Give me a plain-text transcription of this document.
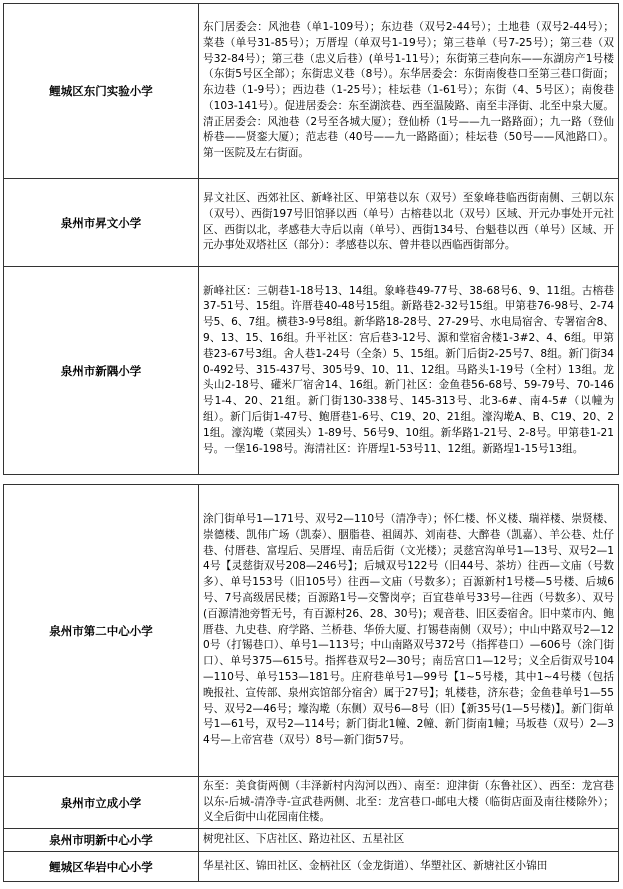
鲤城区东门实验小学	东门居委会：风池巷（单1-109号）；东边巷（双号2-44号）；土地巷（双号2-44号）；菜巷（单号31-85号）；万厝埕（单双号1-19号）；第三巷单（号7-25号）；第三巷（双号32-84号）；第三巷（忠义后巷）(单号1-11号）；东街第三巷向东——东湖房产1号楼（东街5号区全部）；东街忠义巷（8号）。东华居委会：东街南俊巷口至第三巷口街面；东边巷（1-9号）；西边巷（1-25号）；桂坛巷（1-61号）；东街（4、5号区）；南俊巷（103-141号）。促进居委会：东至湖滨巷、西至温陵路、南至丰泽街、北至中泉大厦。清正居委会：风池巷（2号至各城大厦）；登仙桥（1号——九一路路面）；九一路（登仙桥巷——贤銮大厦）；范志巷（40号——九一路路面）；桂坛巷（50号——风池路口）。第一医院及左右街面。
泉州市昇文小学	昇文社区、西郊社区、新峰社区、甲第巷以东（双号）至象峰巷临西街南侧、三朝以东（双号）、西街197号旧馆驿以西（单号）古榕巷以北（双号）区域、开元办事处开元社区、西街以北，孝感巷大寺后以南（单号）、西街134号、台魁巷以西（单号）区域、开元办事处双塔社区（部分）：孝感巷以东、曾井巷以西临西街部分。
泉州市新隅小学	新峰社区：三朝巷1-18号13、14组。象峰巷49-77号、38-68号6、9、11组。古榕巷37-51号、15组。许厝巷40-48号15组。新路巷2-32号15组。甲第巷76-98号、2-74号5、6、7组。横巷3-9号8组。新华路18-28号、27-29号、水电局宿舍、专署宿舍8、9、13、15、16组。升平社区：宫后巷3-12号、源和堂宿舍楼1-3#2、4、6组。甲第巷23-67号3组。舍人巷1-24号（全条）5、15组。新门后街2-25号7、8组。新门街340-492号、315-437号、305号9、10、11、12组。马路头1-19号（全村）13组。龙头山2-18号、礶米厂宿舍14、16组。新门社区：金鱼巷56-68号、59-79号、70-146号1-4、20、21组。新门街130-338号、145-313号、北3-6#、南4-5#（以幢为组）。新门后街1-47号、鲍厝巷1-6号、C19、20、21组。濠沟墘A、B、C19、20、21组。濠沟墘（菜园头）1-89号、56号9、10组。新华路1-21号、2-8号。甲第巷1-21号。一堡16-198号。海清社区：许厝埕1-53号11、12组。新路埕1-15号13组。

泉州市第二中心小学	涂门街单号1—171号、双号2—110号（清净寺）；怀仁楼、怀义楼、瑞祥楼、崇贤楼、崇德楼、凯伟广场（凯泰）、胭脂巷、祖阔苏、刘南巷、大醉巷（凯嘉）、羊公巷、灶仔巷、付厝巷、富埕后、吴厝埕、南岳后街（文光楼）；灵慈宫沟单号1—13号、双号2—14号【灵慈街双号208—246号】；后城双号122号（旧44号、茶坊）往西—文庙（号数多）、单号153号（旧105号）往西—文庙（号数多）；百源新村1号楼—5号楼、后城6号、7号高级居民楼；百源路1号—交警岗亭；百宜巷单号33号—往西（号数多）、双号(百源清池旁暂无号，有百源村26、28、30号)；观音巷、旧区委宿舍。旧中菜市内、鲍厝巷、九史巷、府学路、兰桥巷、华侨大厦、打锡巷南侧（双号）；中山中路双号2—120号（打锡巷口）、单号1—113号；中山南路双号372号（指挥巷口）—606号（涂门街口）、单号375—615号。指挥巷双号2—30号；南岳宫口1—12号；义全后街双号104—110号、单号153—181号。庄府巷单号1—99号【1~5号楼，其中1~4号楼（包括晚报社、宣传部、泉州宾馆部分宿舍）属于27号】；轧楼巷，济东巷；金鱼巷单号1—55号、双号2—46号；壕沟墘（东侧）双号6—8号（旧）【新35号(1—5号楼)】。新门街单号1—61号，双号2—114号；新门街北1幢、2幢、新门街南1幢；马坂巷（双号）2—34号—上帝宫巷（双号）8号—新门街57号。
泉州市立成小学	东至：美食街两侧（丰泽新村内沟河以西）、南至：迎津街（东鲁社区）、西至：龙宫巷以东-后城-清净寺-宣武巷两侧、北至：龙宫巷口-邮电大楼（临街店面及南往楼除外）；义全后街中山花园南住楼。
泉州市明新中心小学	树兜社区、下店社区、路边社区、五星社区
鲤城区华岩中心小学	华星社区、锦田社区、金柄社区（金龙街道）、华塑社区、新塘社区小锦田
